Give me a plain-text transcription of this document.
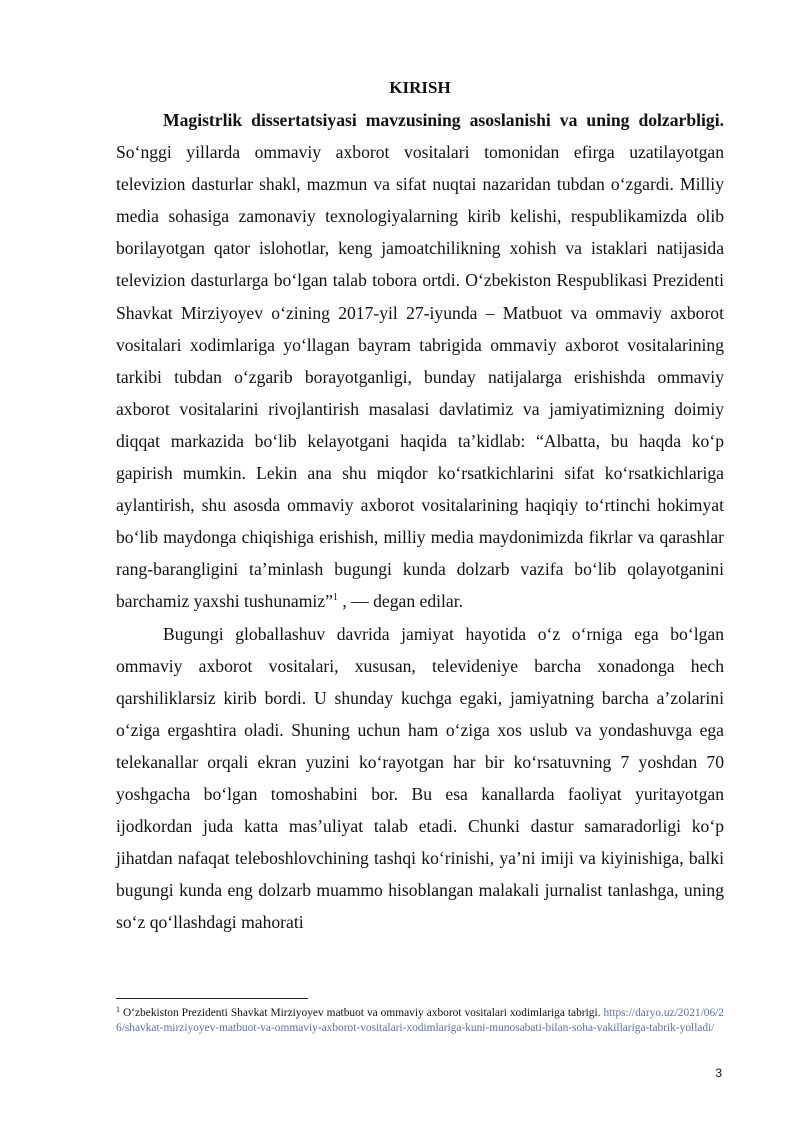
KIRISH

Magistrlik dissertatsiyasi mavzusining asoslanishi va uning dolzarbligi. So‘nggi yillarda ommaviy axborot vositalari tomonidan efirga uzatilayotgan televizion dasturlar shakl, mazmun va sifat nuqtai nazaridan tubdan o‘zgardi. Milliy media sohasiga zamonaviy texnologiyalarning kirib kelishi, respublikamizda olib borilayotgan qator islohotlar, keng jamoatchilikning xohish va istaklari natijasida televizion dasturlarga bo‘lgan talab tobora ortdi. O‘zbekiston Respublikasi Prezidenti Shavkat Mirziyoyev o‘zining 2017-yil 27-iyunda – Matbuot va ommaviy axborot vositalari xodimlariga yo‘llagan bayram tabrigida ommaviy axborot vositalarining tarkibi tubdan o‘zgarib borayotganligi, bunday natijalarga erishishda ommaviy axborot vositalarini rivojlantirish masalasi davlatimiz va jamiyatimizning doimiy diqqat markazida bo‘lib kelayotgani haqida ta’kidlab: “Albatta, bu haqda ko‘p gapirish mumkin. Lekin ana shu miqdor ko‘rsatkichlarini sifat ko‘rsatkichlariga aylantirish, shu asosda ommaviy axborot vositalarining haqiqiy to‘rtinchi hokimyat bo‘lib maydonga chiqishiga erishish, milliy media maydonimizda fikrlar va qarashlar rang-barangligini ta’minlash bugungi kunda dolzarb vazifa bo‘lib qolayotganini barchamiz yaxshi tushunamiz”$^1$ , — degan edilar.

Bugungi globallashuv davrida jamiyat hayotida o‘z o‘rniga ega bo‘lgan ommaviy axborot vositalari, xususan, televideniye barcha xonadonga hech qarshiliklarsiz kirib bordi. U shunday kuchga egaki, jamiyatning barcha a’zolarini o‘ziga ergashtira oladi. Shuning uchun ham o‘ziga xos uslub va yondashuvga ega telekanallar orqali ekran yuzini ko‘rayotgan har bir ko‘rsatuvning 7 yoshdan 70 yoshgacha bo‘lgan tomoshabini bor. Bu esa kanallarda faoliyat yuritayotgan ijodkordan juda katta mas’uliyat talab etadi. Chunki dastur samaradorligi ko‘p jihatdan nafaqat teleboshlovchining tashqi ko‘rinishi, ya’ni imiji va kiyinishiga, balki bugungi kunda eng dolzarb muammo hisoblangan malakali jurnalist tanlashga, uning so‘z qo‘llashdagi mahorati

$^1$ O‘zbekiston Prezidenti Shavkat Mirziyoyev matbuot va ommaviy axborot vositalari xodimlariga tabrigi. https://daryo.uz/2021/06/26/shavkat-mirziyoyev-matbuot-va-ommaviy-axborot-vositalari-xodimlariga-kuni-munosabati-bilan-soha-vakillariga-tabrik-yolladi/
3
